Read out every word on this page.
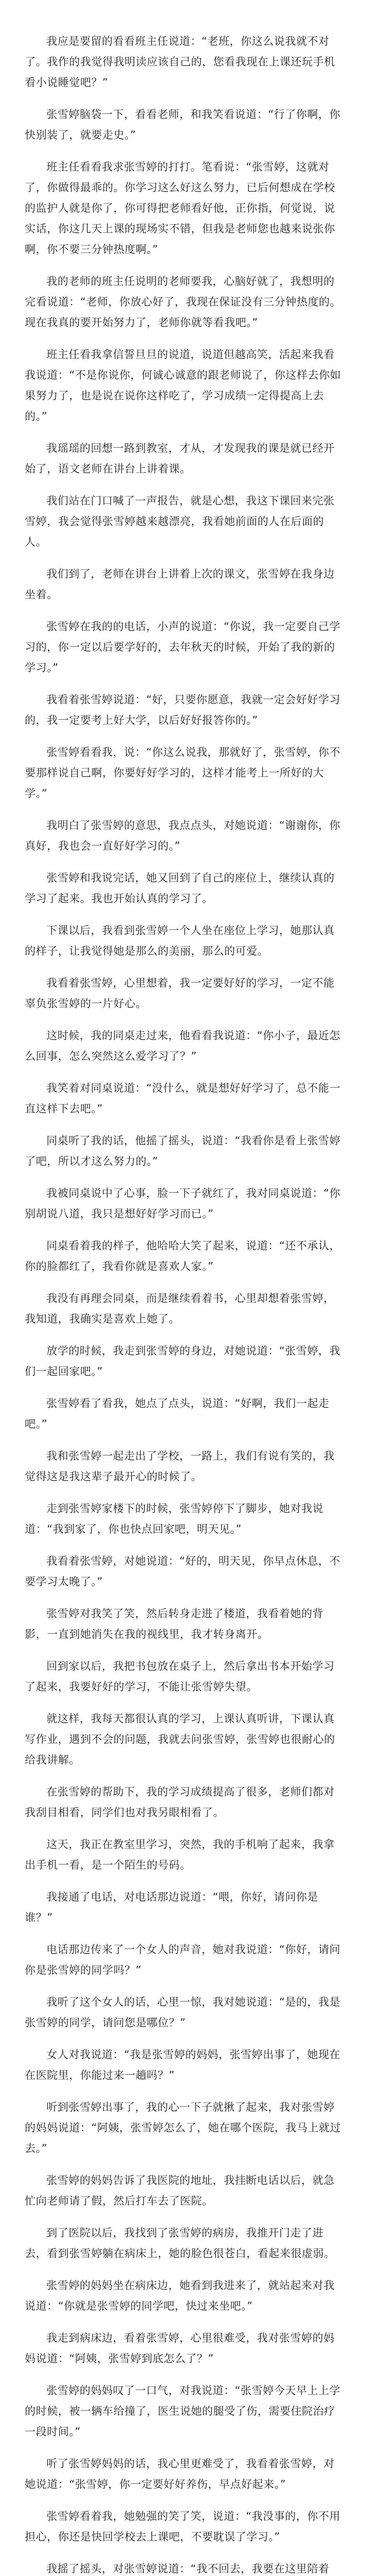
我应是要留的看看班主任说道：“老班，你这么说我就不对了。我作的我觉得我明读应该自己的，您看我现在上课还玩手机看小说睡觉吧？”

张雪婷脑袋一下，看看老师，和我笑看说道：“行了你啊，你快别装了，就要走史。”

班主任看看我求张雪婷的打打。笔看说：“张雪婷，这就对了，你做得最乖的。你学习这么好这么努力，已后何想成在学校的监护人就是你了，你可得把老师看好他，正你指，何觉说，说实话，你这几天上课的现场实不错，但我是老师您也越来说张你啊，你不要三分钟热度啊。”

我的老师的班主任说明的老师要我，心脑好就了，我想明的完看说道：“老师，你放心好了，我现在保证没有三分钟热度的。现在我真的要开始努力了，老师你就等看我吧。”

班主任看我拿信誓旦旦的说道，说道但越高笑，活起来我看我说道：“不是你说你，何诚心诚意的跟老师说了，你这样去你如果努力了，也是说在说你这样吃了，学习成绩一定得提高上去的。”

我瑶瑶的回想一路到教室，才从，才发现我的课是就已经开始了，语文老师在讲台上讲着课。

我们站在门口喊了一声报告，就是心想，我这下课回来完张雪婷，我会觉得张雪婷越来越漂亮，我看她前面的人在后面的人。

我们到了，老师在讲台上讲着上次的课文，张雪婷在我身边坐着。

张雪婷在我的的电话，小声的说道：“你说，我一定要自己学习的，你一定以后要学好的，去年秋天的时候，开始了我的新的学习。”

我看着张雪婷说道：“好，只要你愿意，我就一定会好好学习的，我一定要考上好大学，以后好好报答你的。”

张雪婷看看我，说：“你这么说我，那就好了，张雪婷，你不要那样说自己啊，你要好好学习的，这样才能考上一所好的大学。”

我明白了张雪婷的意思，我点点头，对她说道：“谢谢你，你真好，我也会一直好好学习的。”

张雪婷和我说完话，她又回到了自己的座位上，继续认真的学习了起来。我也开始认真的学习了。

下课以后，我看到张雪婷一个人坐在座位上学习，她那认真的样子，让我觉得她是那么的美丽，那么的可爱。

我看着张雪婷，心里想着，我一定要好好的学习，一定不能辜负张雪婷的一片好心。

这时候，我的同桌走过来，他看看我说道：“你小子，最近怎么回事，怎么突然这么爱学习了？”

我笑着对同桌说道：“没什么，就是想好好学习了，总不能一直这样下去吧。”

同桌听了我的话，他摇了摇头，说道：“我看你是看上张雪婷了吧，所以才这么努力的。”

我被同桌说中了心事，脸一下子就红了，我对同桌说道：“你别胡说八道，我只是想好好学习而已。”

同桌看着我的样子，他哈哈大笑了起来，说道：“还不承认，你的脸都红了，我看你就是喜欢人家。”

我没有再理会同桌，而是继续看着书，心里却想着张雪婷，我知道，我确实是喜欢上她了。

放学的时候，我走到张雪婷的身边，对她说道：“张雪婷，我们一起回家吧。”

张雪婷看了看我，她点了点头，说道：“好啊，我们一起走吧。”

我和张雪婷一起走出了学校，一路上，我们有说有笑的，我觉得这是我这辈子最开心的时候了。

走到张雪婷家楼下的时候，张雪婷停下了脚步，她对我说道：“我到家了，你也快点回家吧，明天见。”

我看着张雪婷，对她说道：“好的，明天见，你早点休息，不要学习太晚了。”

张雪婷对我笑了笑，然后转身走进了楼道，我看着她的背影，一直到她消失在我的视线里，我才转身离开。

回到家以后，我把书包放在桌子上，然后拿出书本开始学习了起来，我要好好的学习，不能让张雪婷失望。

就这样，我每天都很认真的学习，上课认真听讲，下课认真写作业，遇到不会的问题，我就去问张雪婷，张雪婷也很耐心的给我讲解。

在张雪婷的帮助下，我的学习成绩提高了很多，老师们都对我刮目相看，同学们也对我另眼相看了。

这天，我正在教室里学习，突然，我的手机响了起来，我拿出手机一看，是一个陌生的号码。

我接通了电话，对电话那边说道：“喂，你好，请问你是谁？”

电话那边传来了一个女人的声音，她对我说道：“你好，请问你是张雪婷的同学吗？”

我听了这个女人的话，心里一惊，我对她说道：“是的，我是张雪婷的同学，请问您是哪位？”

女人对我说道：“我是张雪婷的妈妈，张雪婷出事了，她现在在医院里，你能过来一趟吗？”

听到张雪婷出事了，我的心一下子就揪了起来，我对张雪婷的妈妈说道：“阿姨，张雪婷怎么了，她在哪个医院，我马上就过去。”

张雪婷的妈妈告诉了我医院的地址，我挂断电话以后，就急忙向老师请了假，然后打车去了医院。

到了医院以后，我找到了张雪婷的病房，我推开门走了进去，看到张雪婷躺在病床上，她的脸色很苍白，看起来很虚弱。

张雪婷的妈妈坐在病床边，她看到我进来了，就站起来对我说道：“你就是张雪婷的同学吧，快过来坐吧。”

我走到病床边，看着张雪婷，心里很难受，我对张雪婷的妈妈说道：“阿姨，张雪婷到底怎么了？”

张雪婷的妈妈叹了一口气，对我说道：“张雪婷今天早上上学的时候，被一辆车给撞了，医生说她的腿受了伤，需要住院治疗一段时间。”

听了张雪婷妈妈的话，我心里更难受了，我看着张雪婷，对她说道：“张雪婷，你一定要好好养伤，早点好起来。”

张雪婷看着我，她勉强的笑了笑，说道：“我没事的，你不用担心，你还是快回学校去上课吧，不要耽误了学习。”

我摇了摇头，对张雪婷说道：“我不回去，我要在这里陪着
